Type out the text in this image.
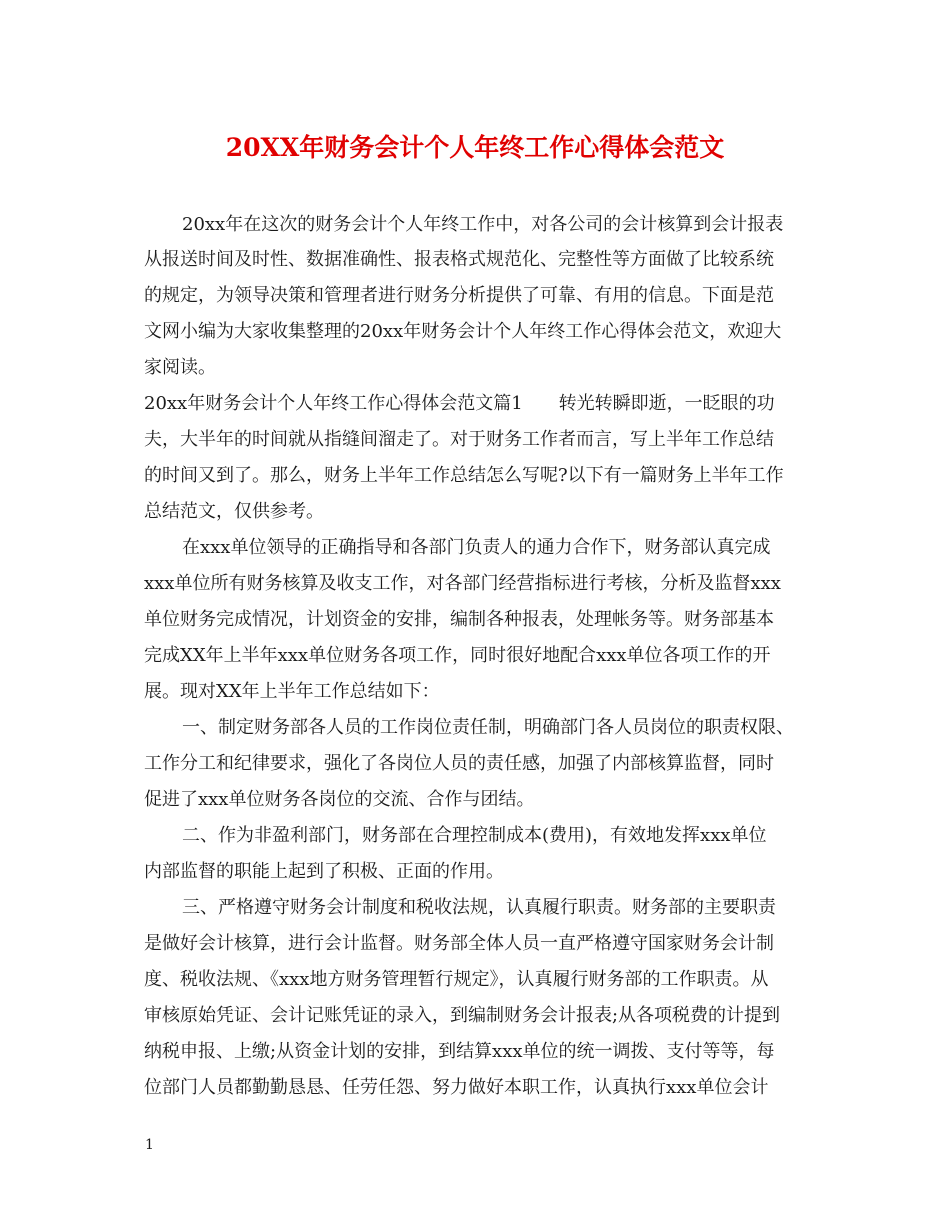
20XX年财务会计个人年终工作心得体会范文
20xx年在这次的财务会计个人年终工作中，对各公司的会计核算到会计报表
从报送时间及时性、数据准确性、报表格式规范化、完整性等方面做了比较系统
的规定，为领导决策和管理者进行财务分析提供了可靠、有用的信息。下面是范
文网小编为大家收集整理的20xx年财务会计个人年终工作心得体会范文，欢迎大
家阅读。
20xx年财务会计个人年终工作心得体会范文篇1　　转光转瞬即逝，一眨眼的功
夫，大半年的时间就从指缝间溜走了。对于财务工作者而言，写上半年工作总结
的时间又到了。那么，财务上半年工作总结怎么写呢?以下有一篇财务上半年工作
总结范文，仅供参考。
在xxx单位领导的正确指导和各部门负责人的通力合作下，财务部认真完成
xxx单位所有财务核算及收支工作，对各部门经营指标进行考核，分析及监督xxx
单位财务完成情况，计划资金的安排，编制各种报表，处理帐务等。财务部基本
完成XX年上半年xxx单位财务各项工作，同时很好地配合xxx单位各项工作的开
展。现对XX年上半年工作总结如下：
一、制定财务部各人员的工作岗位责任制，明确部门各人员岗位的职责权限、
工作分工和纪律要求，强化了各岗位人员的责任感，加强了内部核算监督，同时
促进了xxx单位财务各岗位的交流、合作与团结。
二、作为非盈利部门，财务部在合理控制成本(费用)，有效地发挥xxx单位
内部监督的职能上起到了积极、正面的作用。
三、严格遵守财务会计制度和税收法规，认真履行职责。财务部的主要职责
是做好会计核算，进行会计监督。财务部全体人员一直严格遵守国家财务会计制
度、税收法规、《xxx地方财务管理暂行规定》，认真履行财务部的工作职责。从
审核原始凭证、会计记账凭证的录入，到编制财务会计报表;从各项税费的计提到
纳税申报、上缴;从资金计划的安排，到结算xxx单位的统一调拨、支付等等，每
位部门人员都勤勤恳恳、任劳任怨、努力做好本职工作，认真执行xxx单位会计
1
